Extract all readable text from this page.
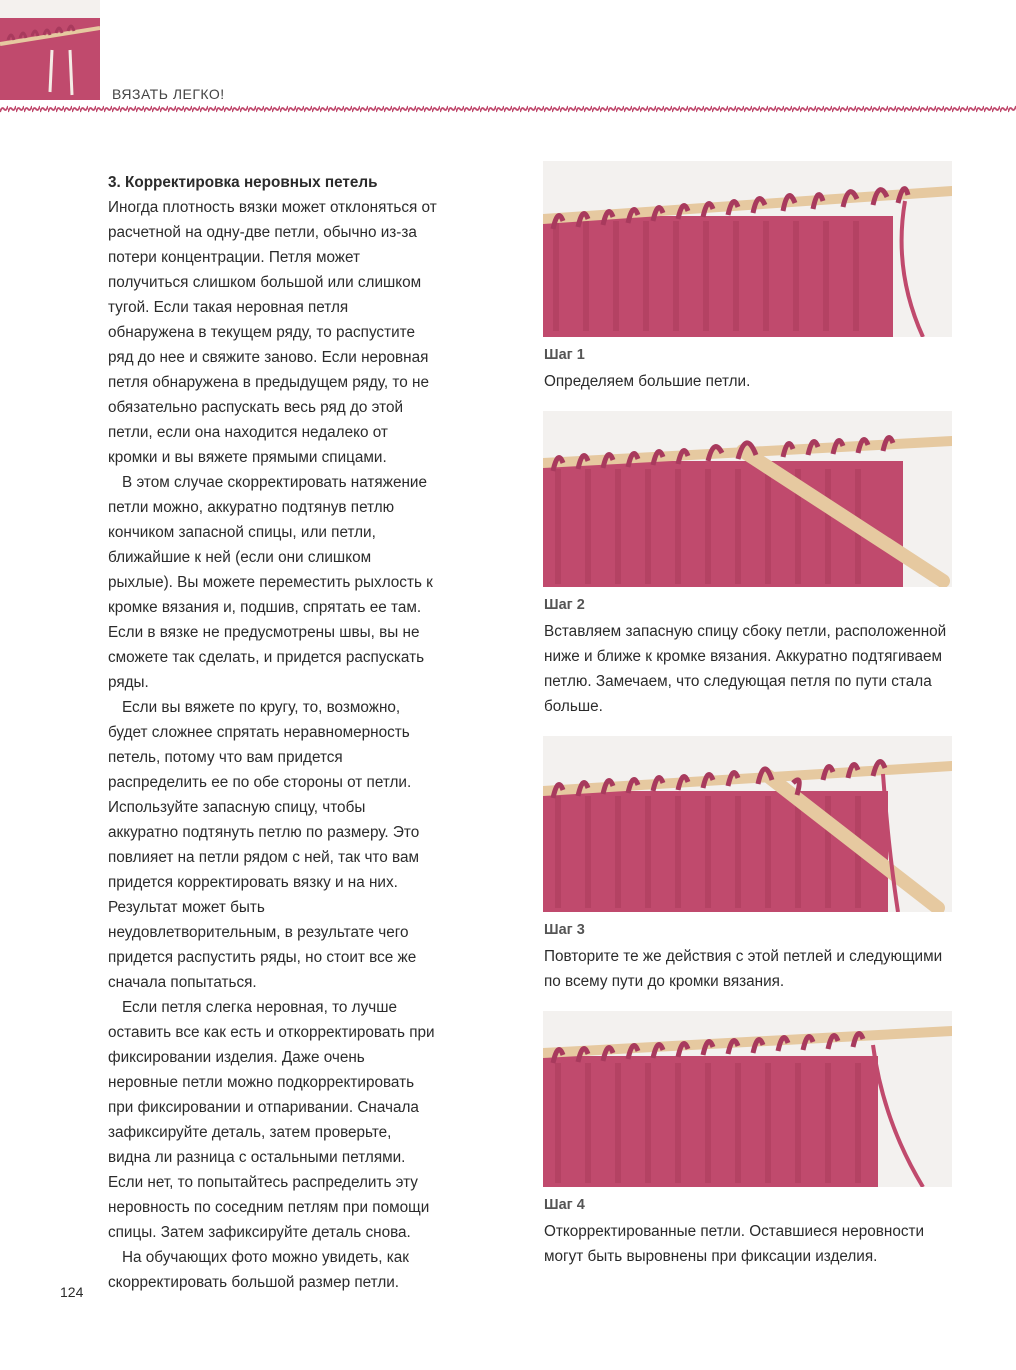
ВЯЗАТЬ ЛЕГКО!

3. Корректировка неровных петель

Иногда плотность вязки может отклоняться от расчетной на одну-две петли, обычно из-за потери концентрации. Петля может получиться слишком большой или слишком тугой. Если такая неровная петля обнаружена в текущем ряду, то распустите ряд до нее и свяжите заново. Если неровная петля обнаружена в предыдущем ряду, то не обязательно распускать весь ряд до этой петли, если она находится недалеко от кромки и вы вяжете прямыми спицами.

В этом случае скорректировать натяжение петли можно, аккуратно подтянув петлю кончиком запасной спицы, или петли, ближайшие к ней (если они слишком рыхлые). Вы можете переместить рыхлость к кромке вязания и, подшив, спрятать ее там. Если в вязке не предусмотрены швы, вы не сможете так сделать, и придется распускать ряды.

Если вы вяжете по кругу, то, возможно, будет сложнее спрятать неравномерность петель, потому что вам придется распределить ее по обе стороны от петли. Используйте запасную спицу, чтобы аккуратно подтянуть петлю по размеру. Это повлияет на петли рядом с ней, так что вам придется корректировать вязку и на них. Результат может быть неудовлетворительным, в результате чего придется распустить ряды, но стоит все же сначала попытаться.

Если петля слегка неровная, то лучше оставить все как есть и откорректировать при фиксировании изделия. Даже очень неровные петли можно подкорректировать при фиксировании и отпаривании. Сначала зафиксируйте деталь, затем проверьте, видна ли разница с остальными петлями. Если нет, то попытайтесь распределить эту неровность по соседним петлям при помощи спицы. Затем зафиксируйте деталь снова.

На обучающих фото можно увидеть, как скорректировать большой размер петли.

Шаг 1

Определяем большие петли.

Шаг 2

Вставляем запасную спицу сбоку петли, расположенной ниже и ближе к кромке вязания. Аккуратно подтягиваем петлю. Замечаем, что следующая петля по пути стала больше.

Шаг 3

Повторите те же действия с этой петлей и следующими по всему пути до кромки вязания.

Шаг 4

Откорректированные петли. Оставшиеся неровности могут быть выровнены при фиксации изделия.

124
